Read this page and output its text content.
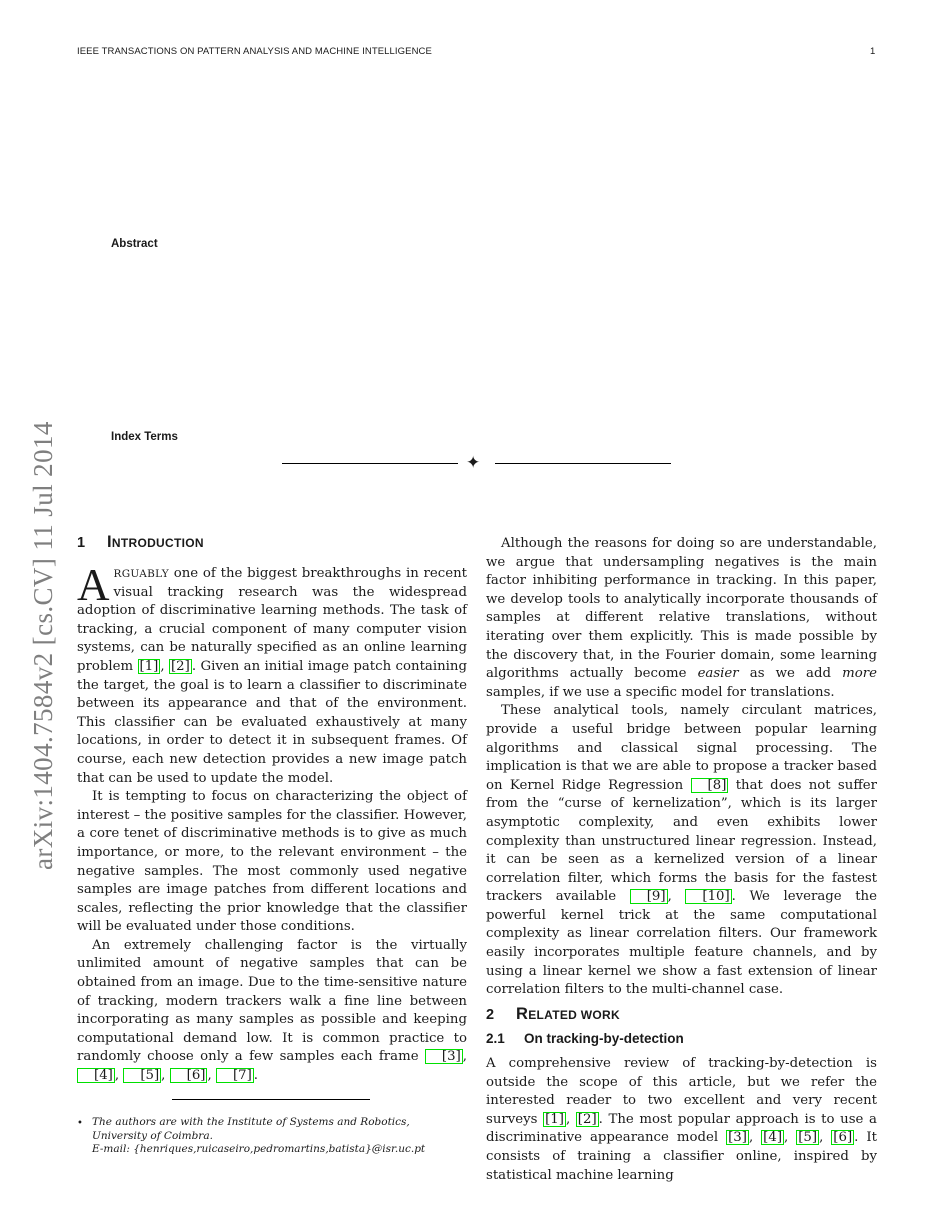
IEEE TRANSACTIONS ON PATTERN ANALYSIS AND MACHINE INTELLIGENCE	1
Abstract
Index Terms
✦
arXiv:1404.7584v2 [cs.CV] 11 Jul 2014 1 INTRODUCTION

ARGUABLY one of the biggest breakthroughs in recent visual tracking research was the widespread adoption of discriminative learning methods. The task of tracking, a crucial component of many computer vision systems, can be naturally specified as an online learning problem [1] , [2] . Given an initial image patch containing the target, the goal is to learn a classifier to discriminate between its appearance and that of the environment. This classifier can be evaluated exhaustively at many locations, in order to detect it in subsequent frames. Of course, each new detection provides a new image patch that can be used to update the model.

It is tempting to focus on characterizing the object of interest – the positive samples for the classifier. However, a core tenet of discriminative methods is to give as much importance, or more, to the relevant environment – the negative samples. The most commonly used negative samples are image patches from different locations and scales, reflecting the prior knowledge that the classifier will be evaluated under those conditions.

An extremely challenging factor is the virtually unlimited amount of negative samples that can be obtained from an image. Due to the time-sensitive nature of tracking, modern trackers walk a fine line between incorporating as many samples as possible and keeping computational demand low. It is common practice to randomly choose only a few samples each frame [3] , [4] , [5] , [6] , [7] .

• The authors are with the Institute of Systems and Robotics, University of Coimbra.
E-mail: {henriques,ruicaseiro,pedromartins,batista}@isr.uc.pt

Although the reasons for doing so are understandable, we argue that undersampling negatives is the main factor inhibiting performance in tracking. In this paper, we develop tools to analytically incorporate thousands of samples at different relative translations, without iterating over them explicitly. This is made possible by the discovery that, in the Fourier domain, some learning algorithms actually become easier as we add more samples, if we use a specific model for translations.

These analytical tools, namely circulant matrices, provide a useful bridge between popular learning algorithms and classical signal processing. The implication is that we are able to propose a tracker based on Kernel Ridge Regression [8] that does not suffer from the “curse of kernelization”, which is its larger asymptotic complexity, and even exhibits lower complexity than unstructured linear regression. Instead, it can be seen as a kernelized version of a linear correlation filter, which forms the basis for the fastest trackers available [9] , [10] . We leverage the powerful kernel trick at the same computational complexity as linear correlation filters. Our framework easily incorporates multiple feature channels, and by using a linear kernel we show a fast extension of linear correlation filters to the multi-channel case.

2 RELATED WORK
2.1 On tracking-by-detection

A comprehensive review of tracking-by-detection is outside the scope of this article, but we refer the interested reader to two excellent and very recent surveys [1] , [2] . The most popular approach is to use a discriminative appearance model [3] , [4] , [5] , [6] . It consists of training a classifier online, inspired by statistical machine learning
